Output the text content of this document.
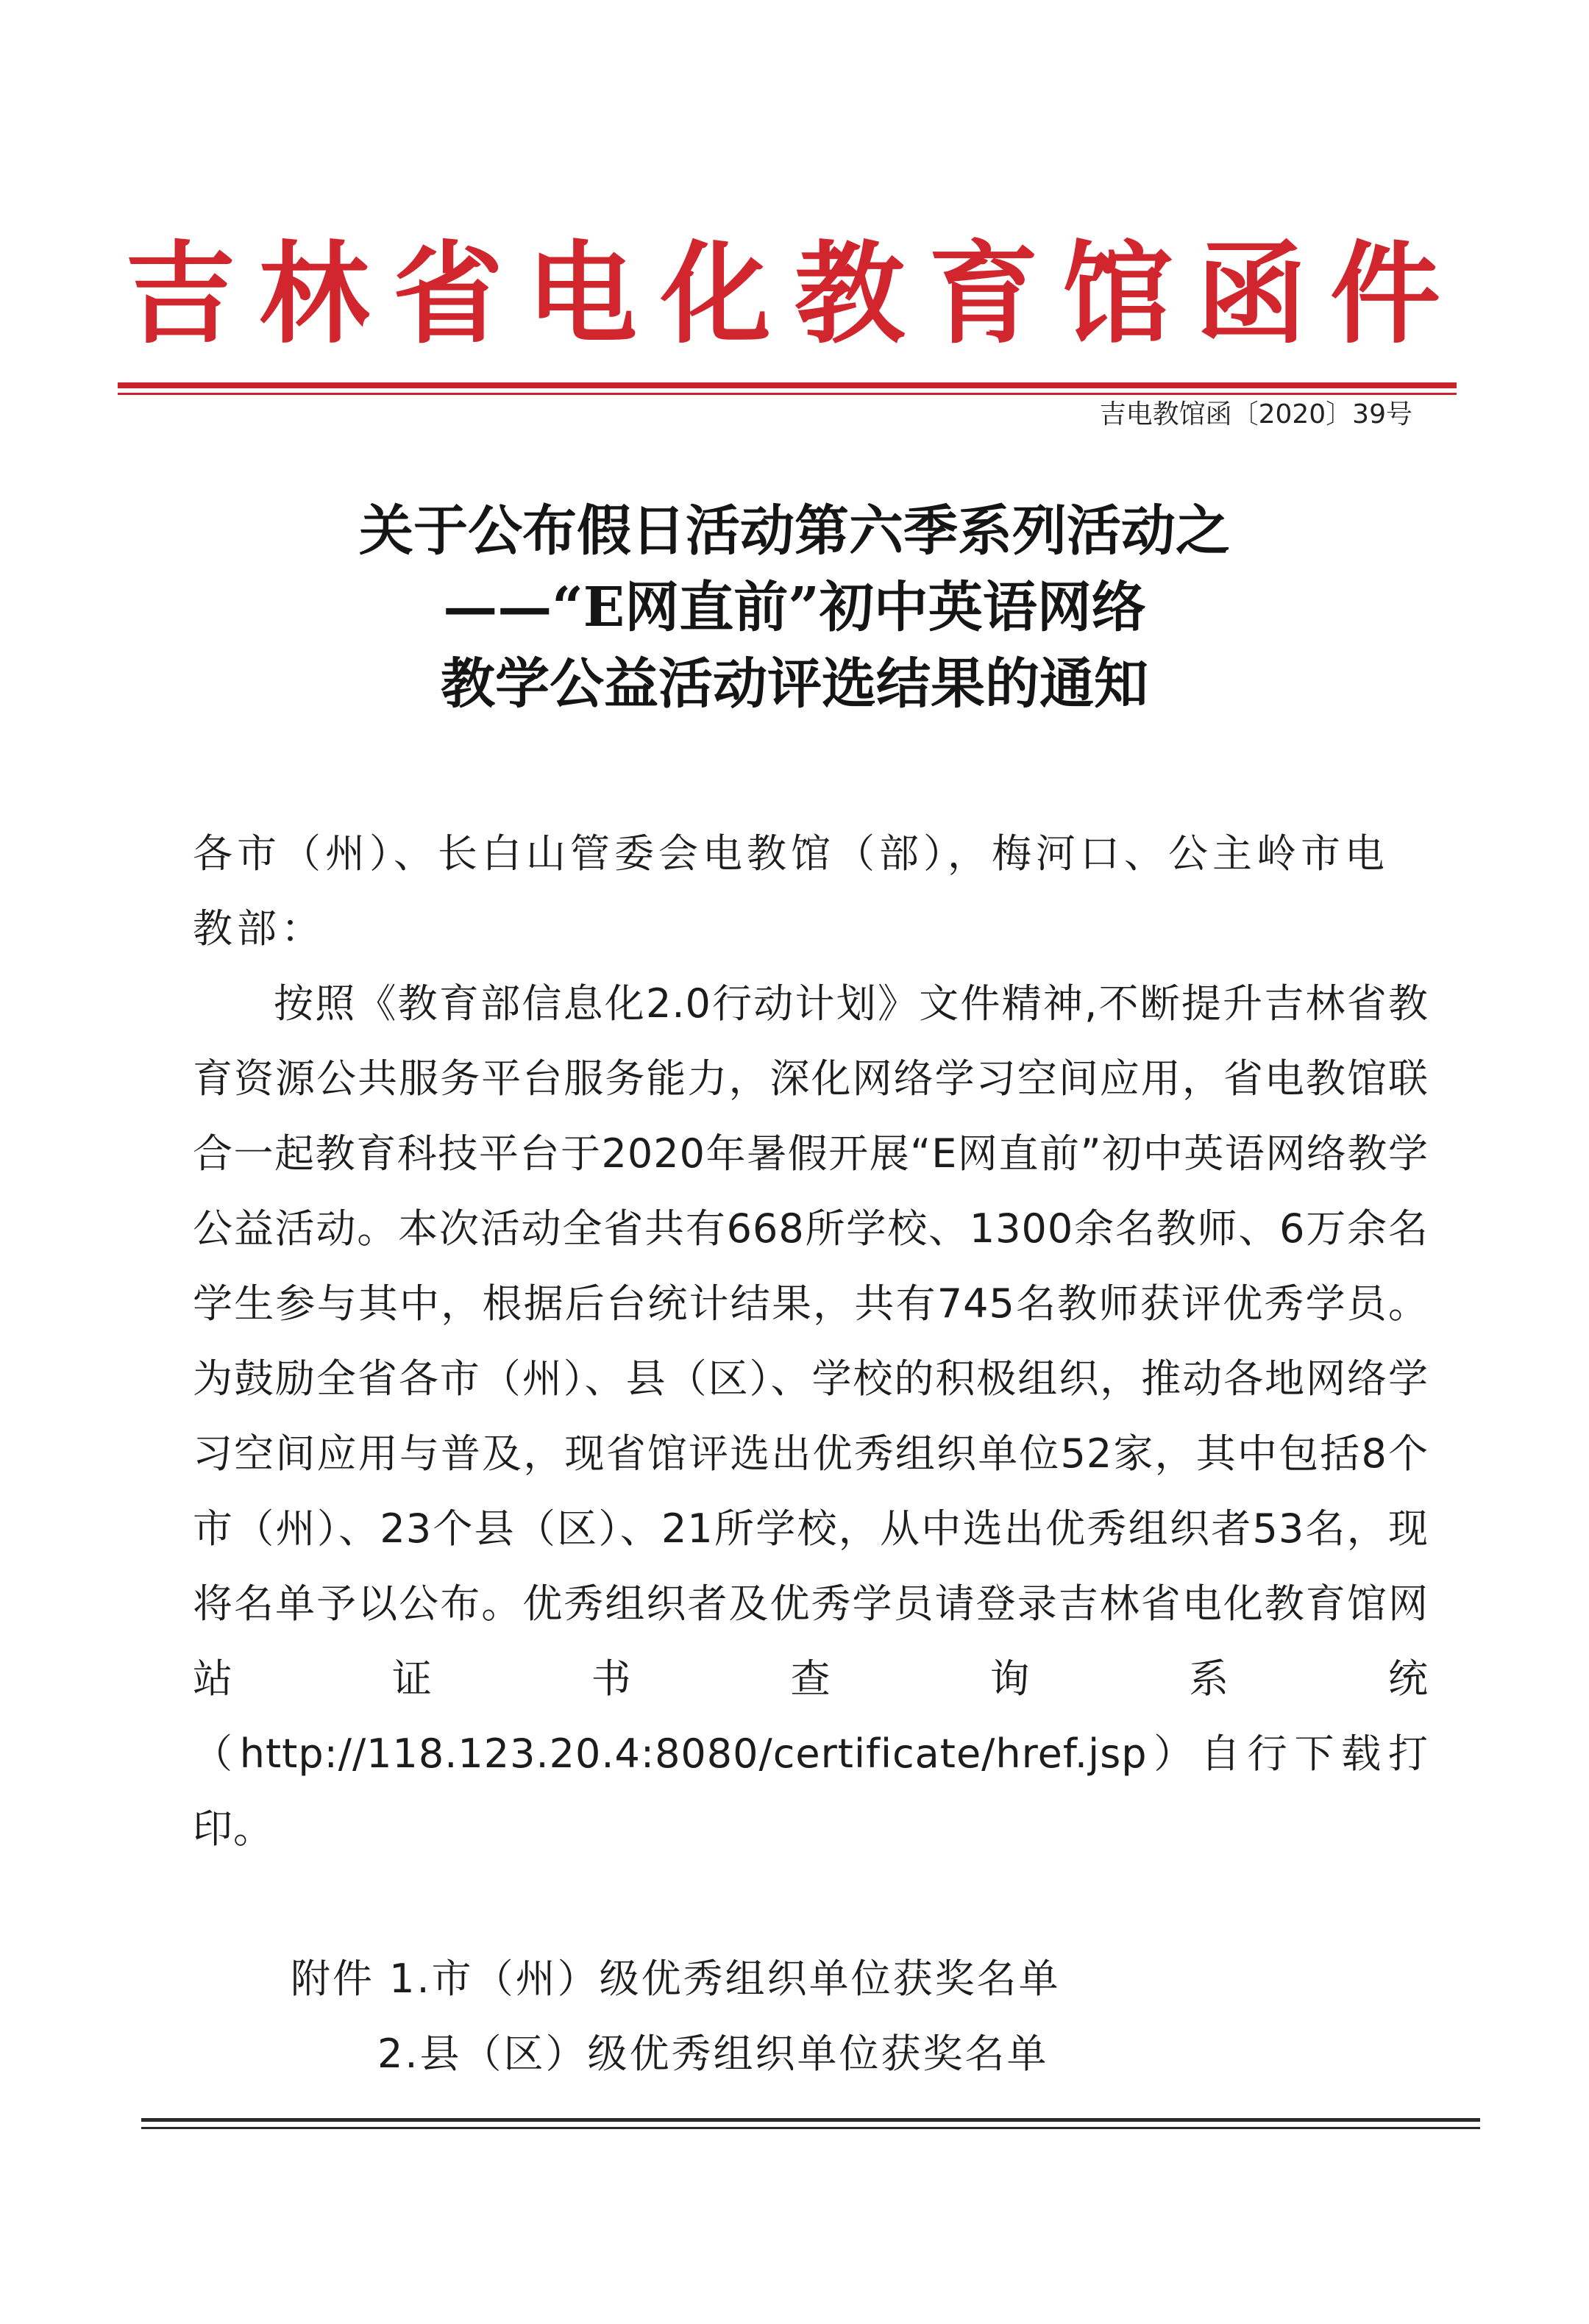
吉林省电化教育馆函件
吉电教馆函〔2020〕39号
关于公布假日活动第六季系列活动之
——“E网直前”初中英语网络
教学公益活动评选结果的通知

各市（州）、长白山管委会电教馆（部），梅河口、公主岭市电教部：

按照《教育部信息化2.0行动计划》文件精神,不断提升吉林省教育资源公共服务平台服务能力，深化网络学习空间应用，省电教馆联合一起教育科技平台于2020年暑假开展“E网直前”初中英语网络教学公益活动。本次活动全省共有668所学校、1300余名教师、6万余名学生参与其中，根据后台统计结果，共有745名教师获评优秀学员。为鼓励全省各市（州）、县（区）、学校的积极组织，推动各地网络学习空间应用与普及，现省馆评选出优秀组织单位52家，其中包括8个市（州）、23个县（区）、21所学校，从中选出优秀组织者53名，现将名单予以公布。优秀组织者及优秀学员请登录吉林省电化教育馆网站证书查询系统（http://118.123.20.4:8080/certificate/href.jsp）自行下载打印。

附件 1.市（州）级优秀组织单位获奖名单
2.县（区）级优秀组织单位获奖名单
